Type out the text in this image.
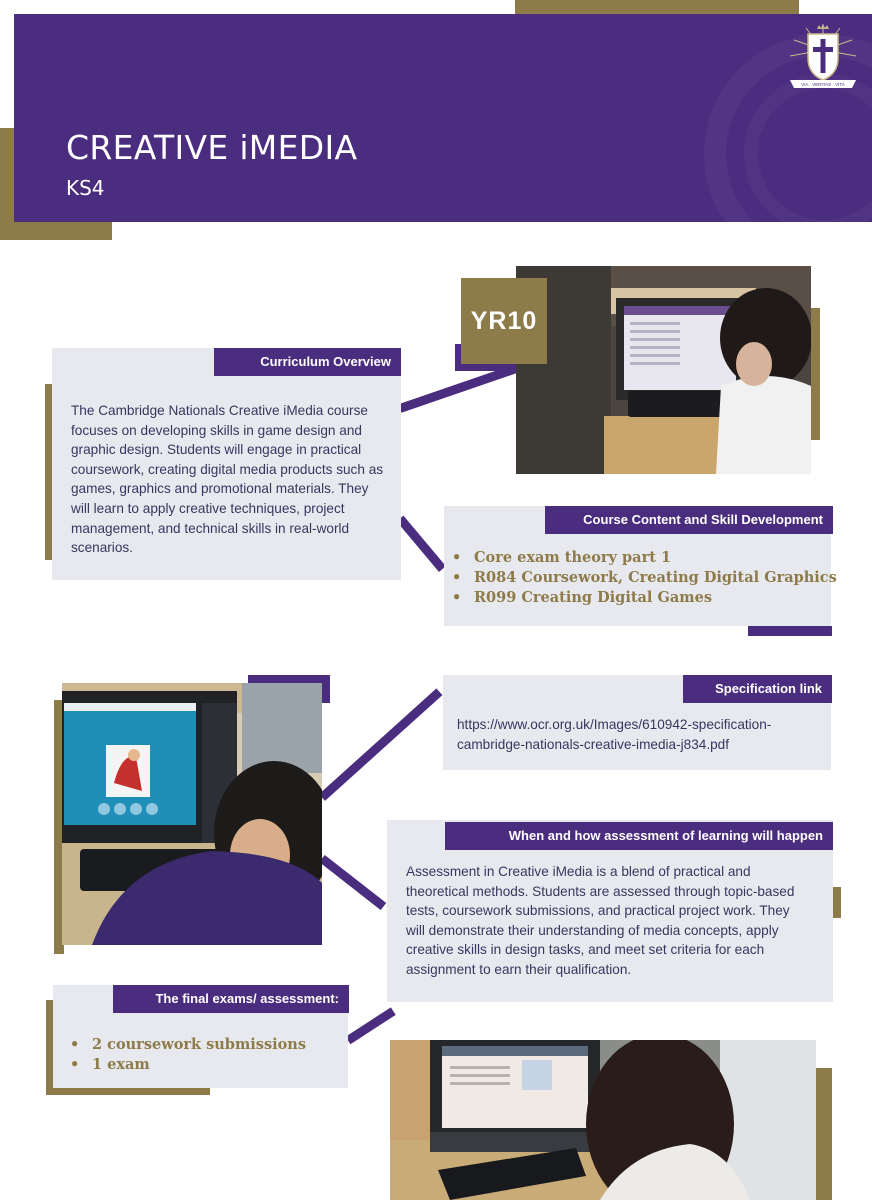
CREATIVE iMEDIA
KS4
VIA · VERITAS · VITA
Curriculum Overview
The Cambridge Nationals Creative iMedia course focuses on developing skills in game design and graphic design. Students will engage in practical coursework, creating digital media products such as games, graphics and promotional materials. They will learn to apply creative techniques, project management, and technical skills in real-world scenarios.
YR10
Course Content and Skill Development
• Core exam theory part 1
• R084 Coursework, Creating Digital Graphics
• R099 Creating Digital Games
Specification link
https://www.ocr.org.uk/Images/610942-specification-cambridge-nationals-creative-imedia-j834.pdf
When and how assessment of learning will happen
Assessment in Creative iMedia is a blend of practical and theoretical methods. Students are assessed through topic-based tests, coursework submissions, and practical project work. They will demonstrate their understanding of media concepts, apply creative skills in design tasks, and meet set criteria for each assignment to earn their qualification.
The final exams/ assessment:
• 2 coursework submissions
• 1 exam
